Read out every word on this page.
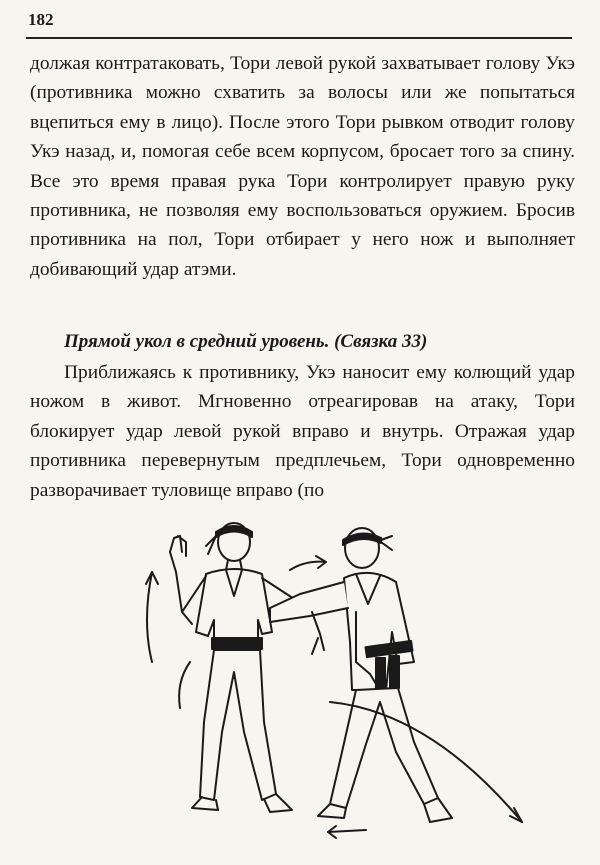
182

должая контратаковать, Тори левой рукой захватывает голову Укэ (противника можно схватить за волосы или же попытаться вцепиться ему в лицо). После этого Тори рывком отводит голову Укэ назад, и, помогая себе всем корпусом, бросает того за спину. Все это время правая рука Тори контролирует правую руку противника, не позволяя ему воспользоваться оружием. Бросив противника на пол, Тори отбирает у него нож и выполняет добивающий удар атэми.

Прямой укол в средний уровень. (Связка 33)

Приближаясь к противнику, Укэ наносит ему колющий удар ножом в живот. Мгновенно отреагировав на атаку, Тори блокирует удар левой рукой вправо и внутрь. Отражая удар противника перевернутым предплечьем, Тори одновременно разворачивает туловище вправо (по
